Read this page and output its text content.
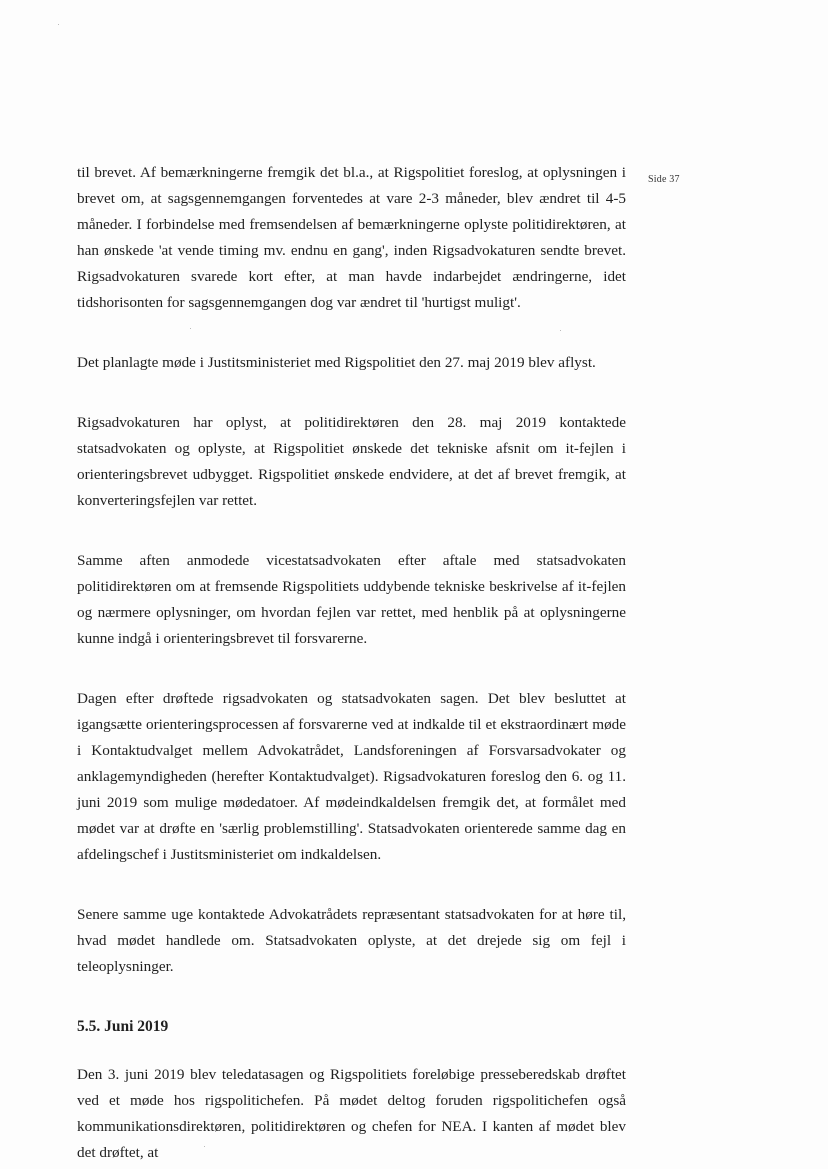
Side 37

til brevet. Af bemærkningerne fremgik det bl.a., at Rigspolitiet foreslog, at oplysningen i brevet om, at sagsgennemgangen forventedes at vare 2-3 måneder, blev ændret til 4-5 måneder. I forbindelse med fremsendelsen af bemærkningerne oplyste politidirektøren, at han ønskede 'at vende timing mv. endnu en gang', inden Rigsadvokaturen sendte brevet. Rigsadvokaturen svarede kort efter, at man havde indarbejdet ændringerne, idet tidshorisonten for sagsgennemgangen dog var ændret til 'hurtigst muligt'.

Det planlagte møde i Justitsministeriet med Rigspolitiet den 27. maj 2019 blev aflyst.

Rigsadvokaturen har oplyst, at politidirektøren den 28. maj 2019 kontaktede statsadvokaten og oplyste, at Rigspolitiet ønskede det tekniske afsnit om it-fejlen i orienteringsbrevet udbygget. Rigspolitiet ønskede endvidere, at det af brevet fremgik, at konverteringsfejlen var rettet.

Samme aften anmodede vicestatsadvokaten efter aftale med statsadvokaten politidirektøren om at fremsende Rigspolitiets uddybende tekniske beskrivelse af it-fejlen og nærmere oplysninger, om hvordan fejlen var rettet, med henblik på at oplysningerne kunne indgå i orienteringsbrevet til forsvarerne.

Dagen efter drøftede rigsadvokaten og statsadvokaten sagen. Det blev besluttet at igangsætte orienteringsprocessen af forsvarerne ved at indkalde til et ekstraordinært møde i Kontaktudvalget mellem Advokatrådet, Landsforeningen af Forsvarsadvokater og anklagemyndigheden (herefter Kontaktudvalget). Rigsadvokaturen foreslog den 6. og 11. juni 2019 som mulige mødedatoer. Af mødeindkaldelsen fremgik det, at formålet med mødet var at drøfte en 'særlig problemstilling'. Statsadvokaten orienterede samme dag en afdelingschef i Justitsministeriet om indkaldelsen.

Senere samme uge kontaktede Advokatrådets repræsentant statsadvokaten for at høre til, hvad mødet handlede om. Statsadvokaten oplyste, at det drejede sig om fejl i teleoplysninger.

5.5. Juni 2019

Den 3. juni 2019 blev teledatasagen og Rigspolitiets foreløbige presseberedskab drøftet ved et møde hos rigspolitichefen. På mødet deltog foruden rigspolitichefen også kommunikationsdirektøren, politidirektøren og chefen for NEA. I kanten af mødet blev det drøftet, at
